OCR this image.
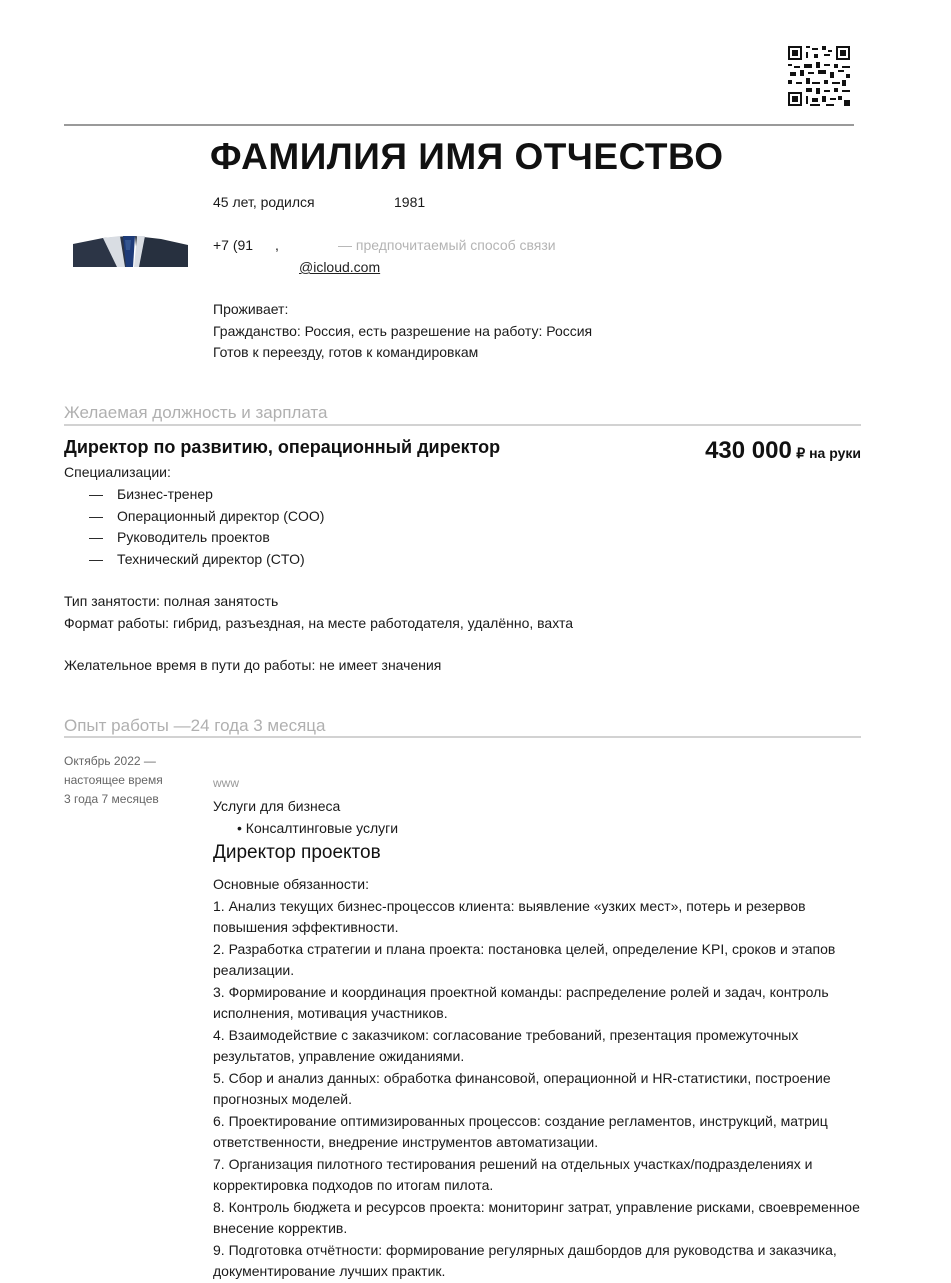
ФАМИЛИЯ ИМЯ ОТЧЕСТВО
45 лет, родился	1981
+7 (91 ,	— предпочитаемый способ связи
@icloud.com
Проживает:
Гражданство: Россия, есть разрешение на работу: Россия
Готов к переезду, готов к командировкам
Желаемая должность и зарплата
Директор по развитию, операционный директор	430 000 ₽ на руки
Специализации:
— Бизнес-тренер
— Операционный директор (COO)
— Руководитель проектов
— Технический директор (CTO)
Тип занятости: полная занятость
Формат работы: гибрид, разъездная, на месте работодателя, удалённо, вахта
Желательное время в пути до работы: не имеет значения
Опыт работы —24 года 3 месяца
Октябрь 2022 —
настоящее время
3 года 7 месяцев
www
Услуги для бизнеса
• Консалтинговые услуги
Директор проектов

Основные обязанности:

1. Анализ текущих бизнес-процессов клиента: выявление «узких мест», потерь и резервов повышения эффективности.

2. Разработка стратегии и плана проекта: постановка целей, определение KPI, сроков и этапов реализации.

3. Формирование и координация проектной команды: распределение ролей и задач, контроль исполнения, мотивация участников.

4. Взаимодействие с заказчиком: согласование требований, презентация промежуточных результатов, управление ожиданиями.

5. Сбор и анализ данных: обработка финансовой, операционной и HR-статистики, построение прогнозных моделей.

6. Проектирование оптимизированных процессов: создание регламентов, инструкций, матриц ответственности, внедрение инструментов автоматизации.

7. Организация пилотного тестирования решений на отдельных участках/подразделениях и корректировка подходов по итогам пилота.

8. Контроль бюджета и ресурсов проекта: мониторинг затрат, управление рисками, своевременное внесение корректив.

9. Подготовка отчётности: формирование регулярных дашбордов для руководства и заказчика, документирование лучших практик.
